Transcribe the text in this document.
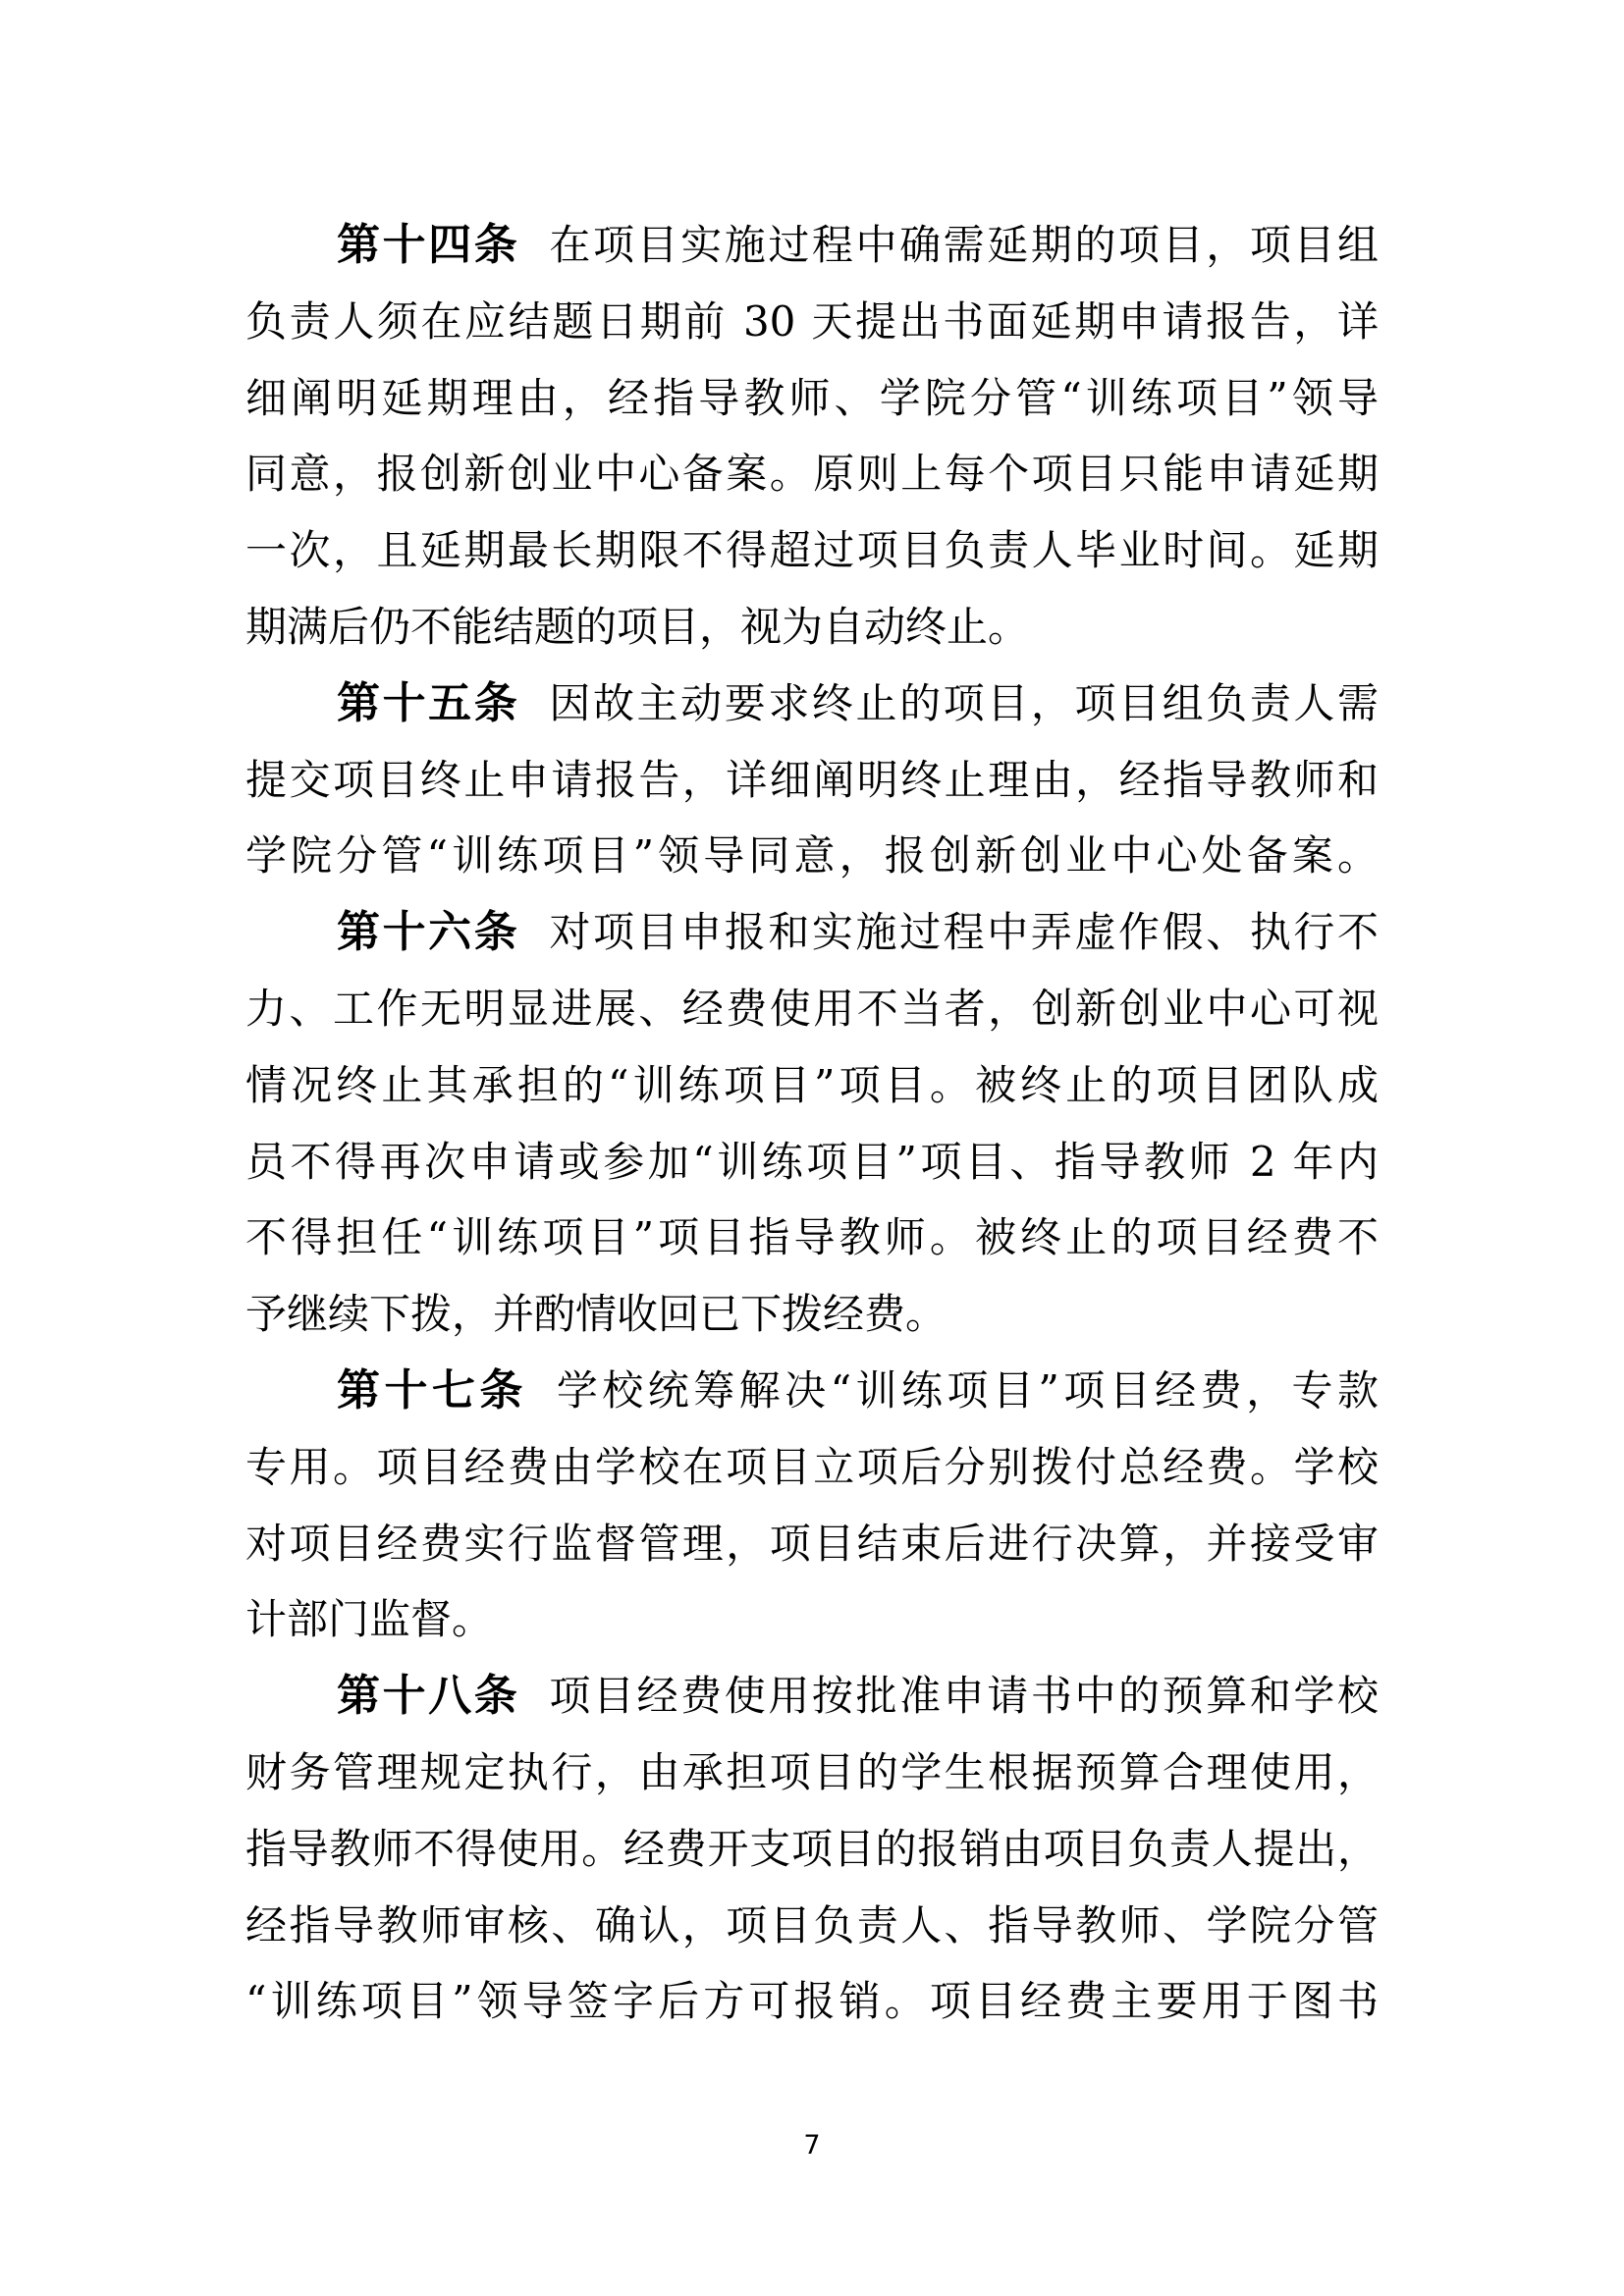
第十四条 在项目实施过程中确需延期的项目，项目组
负责人须在应结题日期前 30 天提出书面延期申请报告，详
细阐明延期理由，经指导教师、学院分管“训练项目”领导
同意，报创新创业中心备案。原则上每个项目只能申请延期
一次，且延期最长期限不得超过项目负责人毕业时间。延期
期满后仍不能结题的项目，视为自动终止。
第十五条 因故主动要求终止的项目，项目组负责人需
提交项目终止申请报告，详细阐明终止理由，经指导教师和
学院分管“训练项目”领导同意，报创新创业中心处备案。
第十六条 对项目申报和实施过程中弄虚作假、执行不
力、工作无明显进展、经费使用不当者，创新创业中心可视
情况终止其承担的“训练项目”项目。被终止的项目团队成
员不得再次申请或参加“训练项目”项目、指导教师 2 年内
不得担任“训练项目”项目指导教师。被终止的项目经费不
予继续下拨，并酌情收回已下拨经费。
第十七条 学校统筹解决“训练项目”项目经费，专款
专用。项目经费由学校在项目立项后分别拨付总经费。学校
对项目经费实行监督管理，项目结束后进行决算，并接受审
计部门监督。
第十八条 项目经费使用按批准申请书中的预算和学校
财务管理规定执行，由承担项目的学生根据预算合理使用，
指导教师不得使用。经费开支项目的报销由项目负责人提出，
经指导教师审核、确认，项目负责人、指导教师、学院分管
“训练项目”领导签字后方可报销。项目经费主要用于图书
7
